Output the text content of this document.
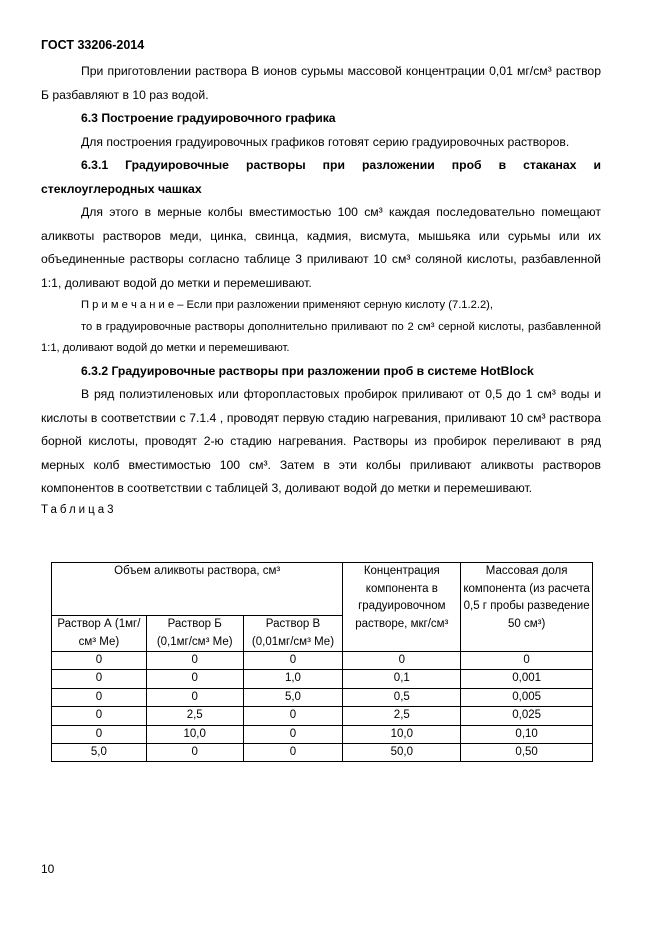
ГОСТ 33206-2014

При приготовлении раствора В ионов сурьмы массовой концентрации 0,01 мг/см³ раствор Б разбавляют в 10 раз водой.

6.3 Построение градуировочного графика

Для построения градуировочных графиков готовят серию градуировочных растворов.

6.3.1 Градуировочные растворы при разложении проб в стаканах и стеклоуглеродных чашках

Для этого в мерные колбы вместимостью 100 см³ каждая последовательно помещают аликвоты растворов меди, цинка, свинца, кадмия, висмута, мышьяка или сурьмы или их объединенные растворы согласно таблице 3 приливают 10 см³ соляной кислоты, разбавленной 1:1, доливают водой до метки и перемешивают.

П р и м е ч а н и е – Если при разложении применяют серную кислоту (7.1.2.2),

то в градуировочные растворы дополнительно приливают по 2 см³ серной кислоты, разбавленной 1:1, доливают водой до метки и перемешивают.

6.3.2 Градуировочные растворы при разложении проб в системе HotBlock

В ряд полиэтиленовых или фторопластовых пробирок приливают от 0,5 до 1 см³ воды и кислоты в соответствии с 7.1.4 , проводят первую стадию нагревания, приливают 10 см³ раствора борной кислоты, проводят 2-ю стадию нагревания. Растворы из пробирок переливают в ряд мерных колб вместимостью 100 см³. Затем в эти колбы приливают аликвоты растворов компонентов в соответствии с таблицей 3, доливают водой до метки и перемешивают.

Таблица3

Объем аликвоты раствора, см³			Концентрация компонента в градуировочном растворе, мкг/см³	Массовая доля компонента (из расчета 0,5 г пробы разведение 50 см³)
Раствор А (1мг/см³ Ме)	Раствор Б (0,1мг/см³ Ме)	Раствор В (0,01мг/см³ Ме)		
0	0	0	0	0
0	0	1,0	0,1	0,001
0	0	5,0	0,5	0,005
0	2,5	0	2,5	0,025
0	10,0	0	10,0	0,10
5,0	0	0	50,0	0,50
10
